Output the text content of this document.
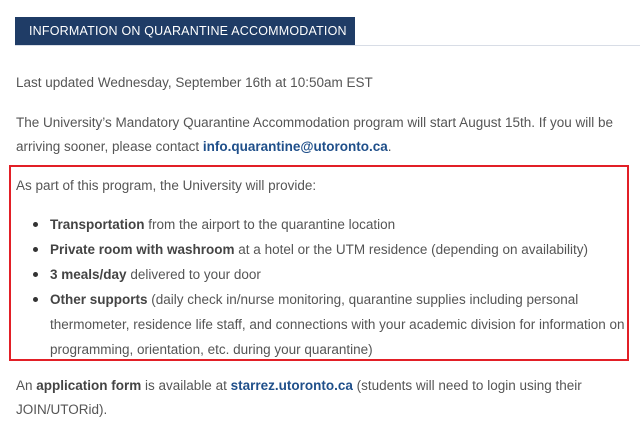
INFORMATION ON QUARANTINE ACCOMMODATION

Last updated Wednesday, September 16th at 10:50am EST

The University’s Mandatory Quarantine Accommodation program will start August 15th. If you will be arriving sooner, please contact info.quarantine@utoronto.ca.

As part of this program, the University will provide:

Transportation from the airport to the quarantine location
Private room with washroom at a hotel or the UTM residence (depending on availability)
3 meals/day delivered to your door
Other supports (daily check in/nurse monitoring, quarantine supplies including personal thermometer, residence life staff, and connections with your academic division for information on programming, orientation, etc. during your quarantine)

An application form is available at starrez.utoronto.ca (students will need to login using their JOIN/UTORid).
